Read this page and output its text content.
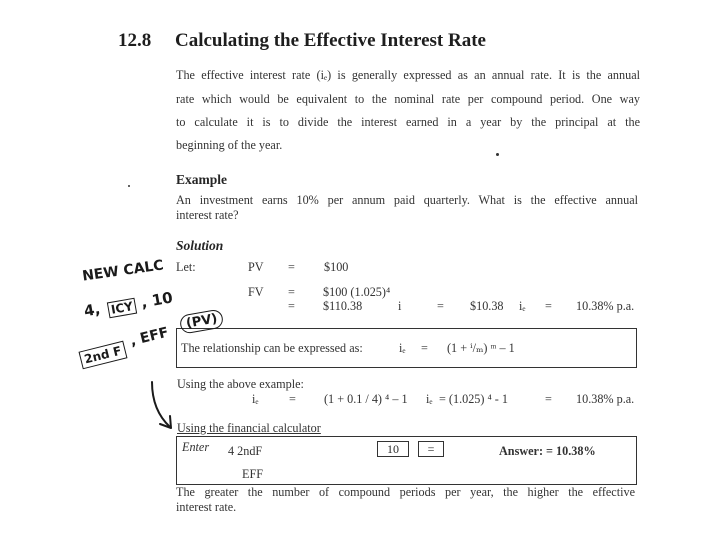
12.8 Calculating the Effective Interest Rate
The effective interest rate (iₑ) is generally expressed as an annual rate. It is the annual
rate which would be equivalent to the nominal rate per compound period. One way
to calculate it is to divide the interest earned in a year by the principal at the
beginning of the year.
Example
An investment earns 10% per annum paid quarterly. What is the effective annual
interest rate?
Solution
Let:	PV = $100
FV = $100 (1.025)⁴
= $110.38	i	= $10.38 iₑ = 10.38% p.a.
The relationship can be expressed as:	iₑ = (1 + ⁱ/ₘ) ᵐ – 1
Using the above example:
iₑ = (1 + 0.1 / 4) ⁴ – 1 iₑ = (1.025) ⁴ - 1	= 10.38% p.a.
Using the financial calculator
Enter 4 2ndF	10	=	Answer: = 10.38%
EFF
The greater the number of compound periods per year, the higher the effective
interest rate.
NEW CALC
4, ICY , 10
2nd F
, EFF
(PV)
